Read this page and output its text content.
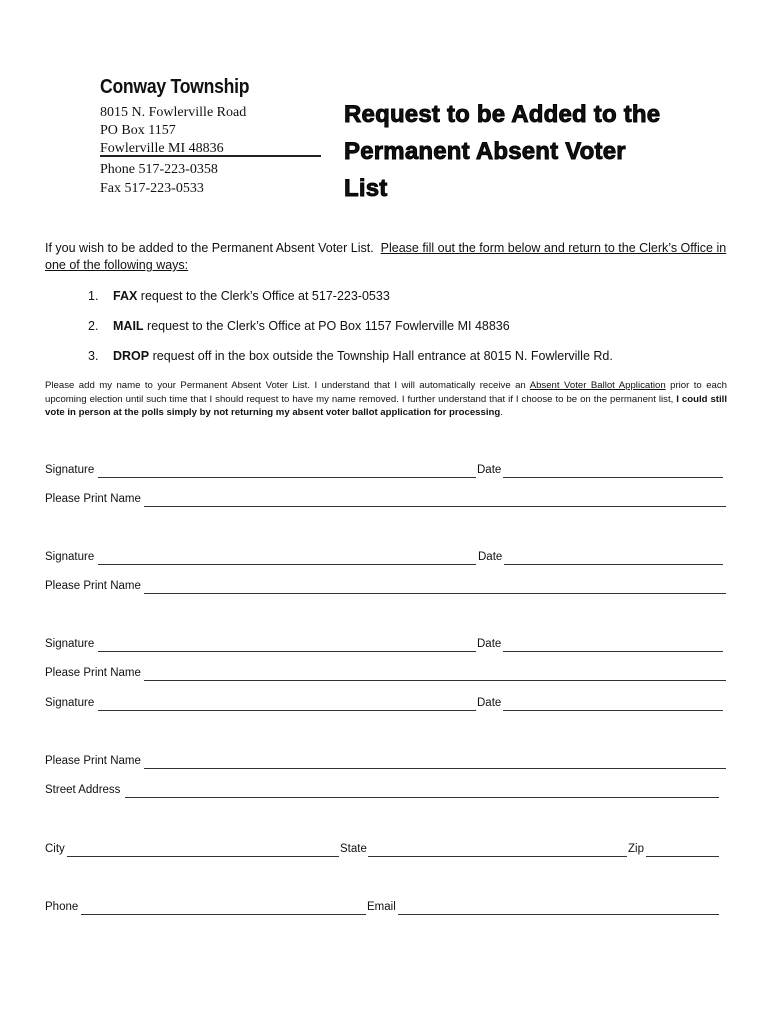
Conway Township
8015 N. Fowlerville Road
PO Box 1157
Fowlerville MI 48836
Phone 517-223-0358
Fax 517-223-0533
Request to be Added to the
Permanent Absent Voter
List
If you wish to be added to the Permanent Absent Voter List. Please fill out the form below and return to the Clerk’s Office in one of the following ways:
1. FAX request to the Clerk’s Office at 517-223-0533
2. MAIL request to the Clerk’s Office at PO Box 1157 Fowlerville MI 48836
3. DROP request off in the box outside the Township Hall entrance at 8015 N. Fowlerville Rd.
Please add my name to your Permanent Absent Voter List. I understand that I will automatically receive an Absent Voter Ballot Application prior to each upcoming election until such time that I should request to have my name removed. I further understand that if I choose to be on the permanent list, I could still vote in person at the polls simply by not returning my absent voter ballot application for processing.
Signature	Date
Please Print Name
Signature	Date
Please Print Name
Signature	Date
Please Print Name
Signature	Date
Please Print Name
Street Address
City	State	Zip
Phone	Email
